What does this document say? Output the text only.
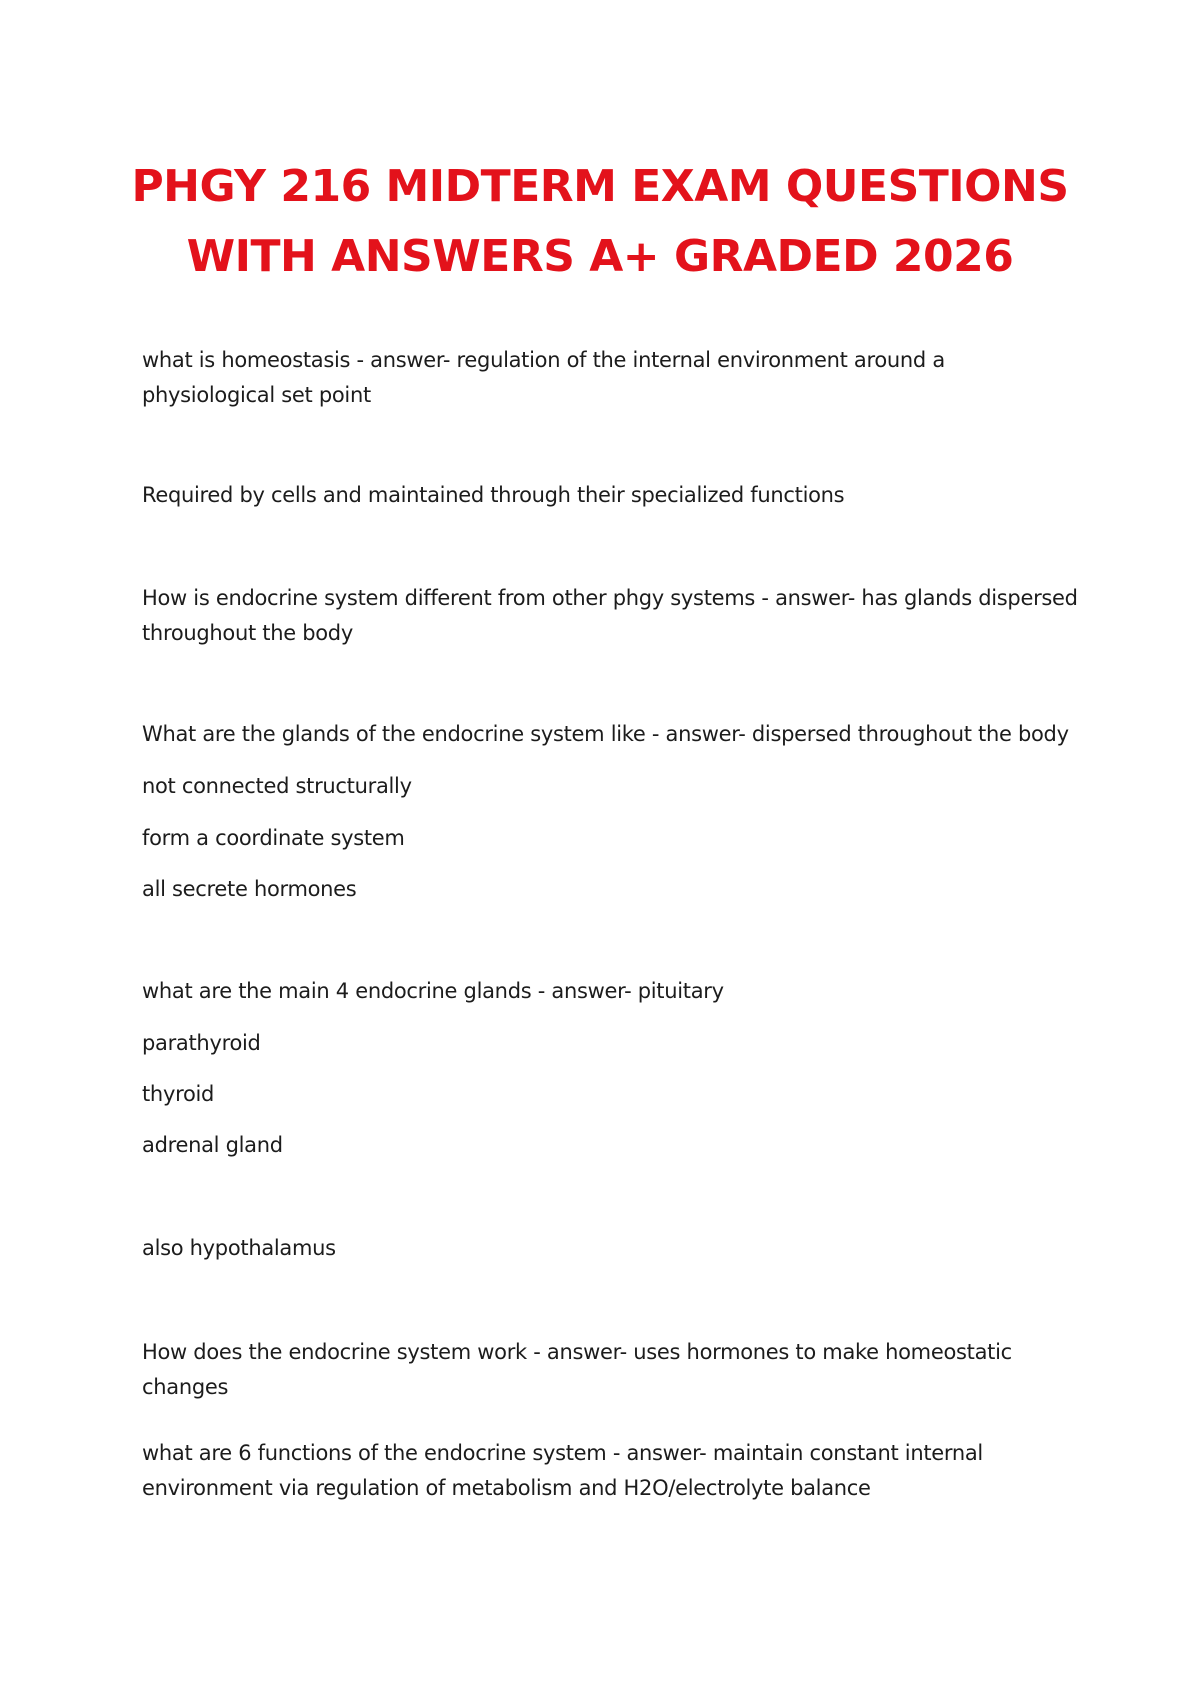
PHGY 216 MIDTERM EXAM QUESTIONS
WITH ANSWERS A+ GRADED 2026

what is homeostasis - answer- regulation of the internal environment around a physiological set point

Required by cells and maintained through their specialized functions

How is endocrine system different from other phgy systems - answer- has glands dispersed throughout the body

What are the glands of the endocrine system like - answer- dispersed throughout the body

not connected structurally

form a coordinate system

all secrete hormones

what are the main 4 endocrine glands - answer- pituitary

parathyroid

thyroid

adrenal gland

also hypothalamus

How does the endocrine system work - answer- uses hormones to make homeostatic changes

what are 6 functions of the endocrine system - answer- maintain constant internal environment via regulation of metabolism and H2O/electrolyte balance
